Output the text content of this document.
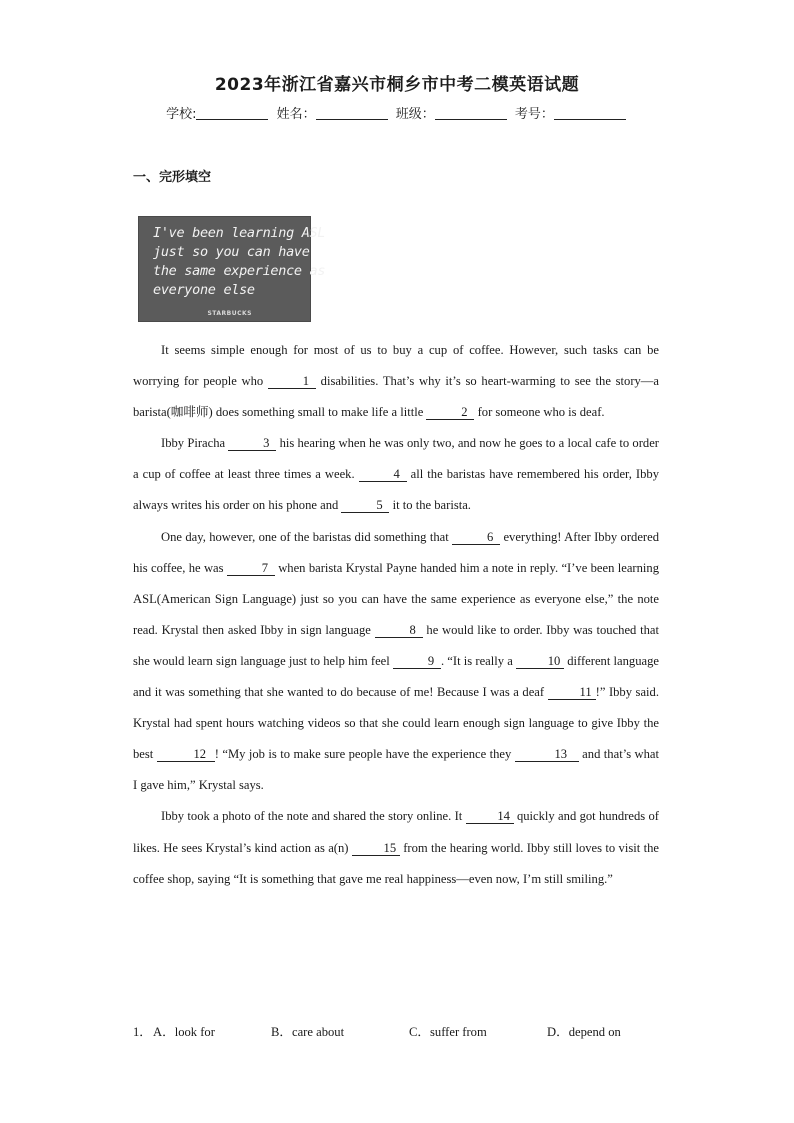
2023年浙江省嘉兴市桐乡市中考二模英语试题
学校:	姓名：	班级：	考号：
一、完形填空
I've been learning ASL
just so you can have
the same experience as
everyone else
STARBUCKS

It seems simple enough for most of us to buy a cup of coffee. However, such tasks can be worrying for people who	1 disabilities. That’s why it’s so heart-warming to see the story—a barista(咖啡师) does something small to make life a little	2 for someone who is deaf.

Ibby Piracha	3 his hearing when he was only two, and now he goes to a local cafe to order a cup of coffee at least three times a week.	4 all the baristas have remembered his order, Ibby always writes his order on his phone and	5 it to the barista.

One day, however, one of the baristas did something that	6 everything! After Ibby ordered his coffee, he was	7 when barista Krystal Payne handed him a note in reply. “I’ve been learning ASL(American Sign Language) just so you can have the same experience as everyone else,” the note read. Krystal then asked Ibby in sign language	8 he would like to order. Ibby was touched that she would learn sign language just to help him feel	9 . “It is really a	10 different language and it was something that she wanted to do because of me! Because I was a deaf	11 !” Ibby said. Krystal had spent hours watching videos so that she could learn enough sign language to give Ibby the best	12 ! “My job is to make sure people have the experience they	13 and that’s what I gave him,” Krystal says.

Ibby took a photo of the note and shared the story online. It	14 quickly and got hundreds of likes. He sees Krystal’s kind action as a(n)	15 from the hearing world. Ibby still loves to visit the coffee shop, saying “It is something that gave me real happiness—even now, I’m still smiling.”

1． A．look for	B．care about	C．suffer from	D．depend on
